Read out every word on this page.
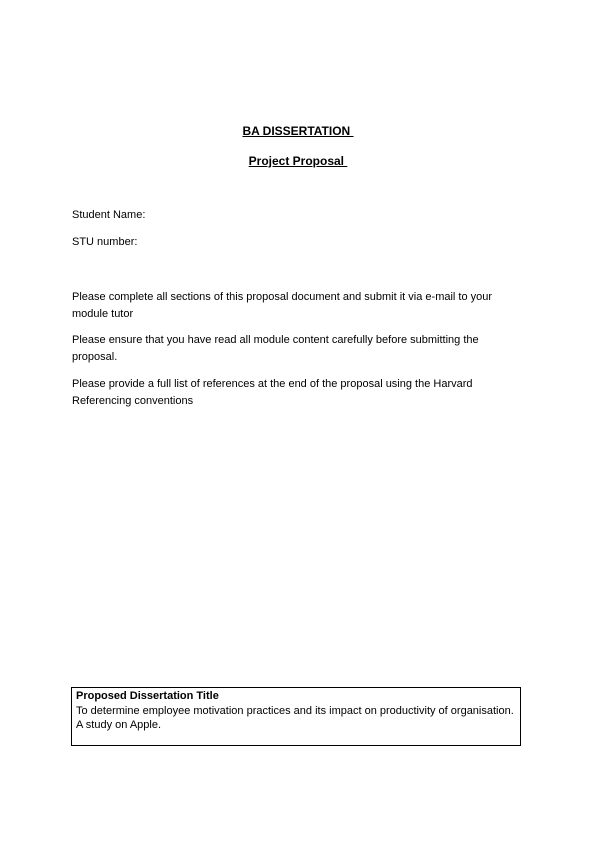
BA DISSERTATION
Project Proposal
Student Name:
STU number:
Please complete all sections of this proposal document and submit it via e-mail to your module tutor
Please ensure that you have read all module content carefully before submitting the proposal.
Please provide a full list of references at the end of the proposal using the Harvard Referencing conventions
Proposed Dissertation Title
To determine employee motivation practices and its impact on productivity of organisation. A study on Apple.
